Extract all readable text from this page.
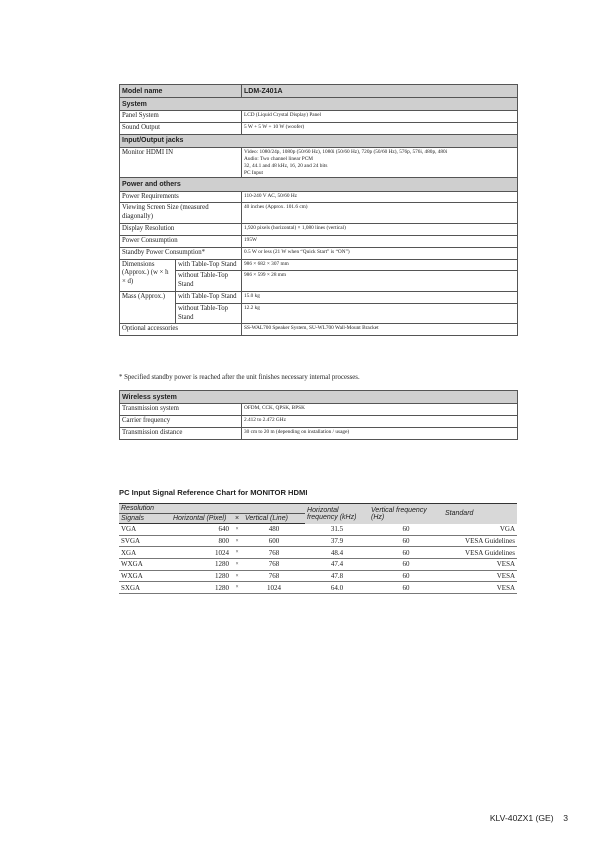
Model name		LDM-Z401A
System		
Panel System		LCD (Liquid Crystal Display) Panel
Sound Output		5 W + 5 W + 10 W (woofer)
Input/Output jacks		
Monitor HDMI IN		Video: 1080/24p, 1080p (50/60 Hz), 1080i (50/60 Hz), 720p (50/60 Hz), 576p, 576i, 480p, 480i
Audio: Two channel linear PCM
32, 44.1 and 48 kHz, 16, 20 and 24 bits
PC Input

Power and others		
Power Requirements		110-240 V AC, 50/60 Hz
Viewing Screen Size (measured diagonally)		40 inches (Approx. 101.6 cm)
Display Resolution		1,920 pixels (horizontal) × 1,080 lines (vertical)
Power Consumption		195W
Standby Power Consumption*		0.5 W or less (21 W when “Quick Start” is “ON”)
Dimensions (Approx.) (w × h × d)	with Table-Top Stand	986 × 682 × 307 mm
	without Table-Top Stand	986 × 599 × 28 mm
Mass (Approx.)	with Table-Top Stand	15.0 kg
	without Table-Top Stand	12.2 kg
Optional accessories		SS-WAL700 Speaker System, SU-WL700 Wall-Mount Bracket

* Specified standby power is reached after the unit finishes necessary internal processes.

Wireless system	
Transmission system	OFDM, CCK, QPSK, BPSK
Carrier frequency	2.412 to 2.472 GHz
Transmission distance	30 cm to 20 m (depending on installation / usage)
PC Input Signal Reference Chart for MONITOR HDMI
Resolution				Horizontal frequency (kHz)	Vertical frequency (Hz)	Standard
Signals	Horizontal (Pixel)	×	Vertical (Line)			
VGA	640	×	480	31.5	60	VGA
SVGA	800	×	600	37.9	60	VESA Guidelines
XGA	1024	×	768	48.4	60	VESA Guidelines
WXGA	1280	×	768	47.4	60	VESA
WXGA	1280	×	768	47.8	60	VESA
SXGA	1280	×	1024	64.0	60	VESA

KLV-40ZX1 (GE) 3
